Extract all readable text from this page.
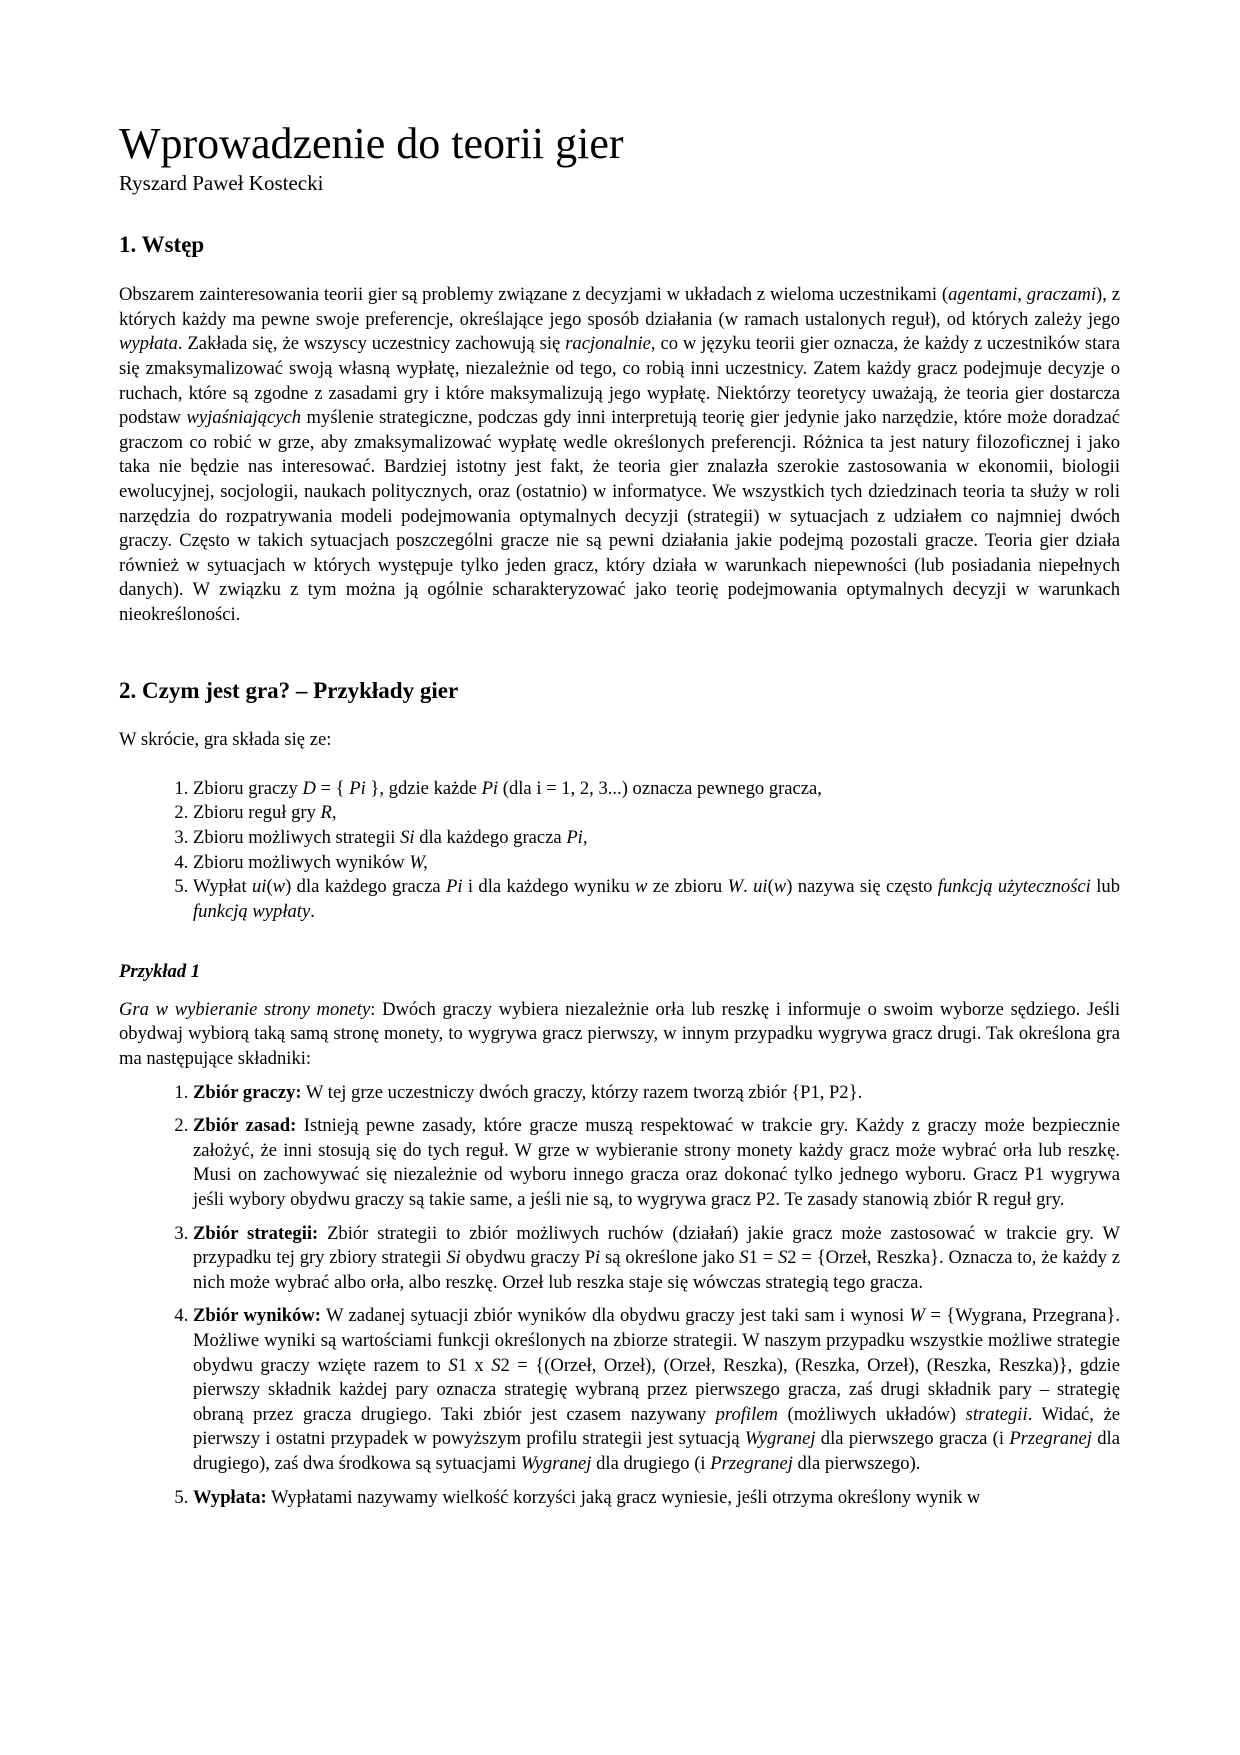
Wprowadzenie do teorii gier
Ryszard Paweł Kostecki
1. Wstęp

Obszarem zainteresowania teorii gier są problemy związane z decyzjami w układach z wieloma uczestnikami (agentami, graczami), z których każdy ma pewne swoje preferencje, określające jego sposób działania (w ramach ustalonych reguł), od których zależy jego wypłata. Zakłada się, że wszyscy uczestnicy zachowują się racjonalnie, co w języku teorii gier oznacza, że każdy z uczestników stara się zmaksymalizować swoją własną wypłatę, niezależnie od tego, co robią inni uczestnicy. Zatem każdy gracz podejmuje decyzje o ruchach, które są zgodne z zasadami gry i które maksymalizują jego wypłatę. Niektórzy teoretycy uważają, że teoria gier dostarcza podstaw wyjaśniających myślenie strategiczne, podczas gdy inni interpretują teorię gier jedynie jako narzędzie, które może doradzać graczom co robić w grze, aby zmaksymalizować wypłatę wedle określonych preferencji. Różnica ta jest natury filozoficznej i jako taka nie będzie nas interesować. Bardziej istotny jest fakt, że teoria gier znalazła szerokie zastosowania w ekonomii, biologii ewolucyjnej, socjologii, naukach politycznych, oraz (ostatnio) w informatyce. We wszystkich tych dziedzinach teoria ta służy w roli narzędzia do rozpatrywania modeli podejmowania optymalnych decyzji (strategii) w sytuacjach z udziałem co najmniej dwóch graczy. Często w takich sytuacjach poszczególni gracze nie są pewni działania jakie podejmą pozostali gracze. Teoria gier działa również w sytuacjach w których występuje tylko jeden gracz, który działa w warunkach niepewności (lub posiadania niepełnych danych). W związku z tym można ją ogólnie scharakteryzować jako teorię podejmowania optymalnych decyzji w warunkach nieokreśloności.

2. Czym jest gra? – Przykłady gier

W skrócie, gra składa się ze:

1. Zbioru graczy D = { Pi }, gdzie każde Pi (dla i = 1, 2, 3...) oznacza pewnego gracza,
2. Zbioru reguł gry R,
3. Zbioru możliwych strategii Si dla każdego gracza Pi,
4. Zbioru możliwych wyników W,
5. Wypłat ui(w) dla każdego gracza Pi i dla każdego wyniku w ze zbioru W. ui(w) nazywa się często funkcją użyteczności lub funkcją wypłaty.

Przykład 1

Gra w wybieranie strony monety: Dwóch graczy wybiera niezależnie orła lub reszkę i informuje o swoim wyborze sędziego. Jeśli obydwaj wybiorą taką samą stronę monety, to wygrywa gracz pierwszy, w innym przypadku wygrywa gracz drugi. Tak określona gra ma następujące składniki:

1. Zbiór graczy: W tej grze uczestniczy dwóch graczy, którzy razem tworzą zbiór {P1, P2}.
2. Zbiór zasad: Istnieją pewne zasady, które gracze muszą respektować w trakcie gry. Każdy z graczy może bezpiecznie założyć, że inni stosują się do tych reguł. W grze w wybieranie strony monety każdy gracz może wybrać orła lub reszkę. Musi on zachowywać się niezależnie od wyboru innego gracza oraz dokonać tylko jednego wyboru. Gracz P1 wygrywa jeśli wybory obydwu graczy są takie same, a jeśli nie są, to wygrywa gracz P2. Te zasady stanowią zbiór R reguł gry.
3. Zbiór strategii: Zbiór strategii to zbiór możliwych ruchów (działań) jakie gracz może zastosować w trakcie gry. W przypadku tej gry zbiory strategii Si obydwu graczy Pi są określone jako S1 = S2 = {Orzeł, Reszka}. Oznacza to, że każdy z nich może wybrać albo orła, albo reszkę. Orzeł lub reszka staje się wówczas strategią tego gracza.
4. Zbiór wyników: W zadanej sytuacji zbiór wyników dla obydwu graczy jest taki sam i wynosi W = {Wygrana, Przegrana}. Możliwe wyniki są wartościami funkcji określonych na zbiorze strategii. W naszym przypadku wszystkie możliwe strategie obydwu graczy wzięte razem to S1 x S2 = {(Orzeł, Orzeł), (Orzeł, Reszka), (Reszka, Orzeł), (Reszka, Reszka)}, gdzie pierwszy składnik każdej pary oznacza strategię wybraną przez pierwszego gracza, zaś drugi składnik pary – strategię obraną przez gracza drugiego. Taki zbiór jest czasem nazywany profilem (możliwych układów) strategii. Widać, że pierwszy i ostatni przypadek w powyższym profilu strategii jest sytuacją Wygranej dla pierwszego gracza (i Przegranej dla drugiego), zaś dwa środkowa są sytuacjami Wygranej dla drugiego (i Przegranej dla pierwszego).
5. Wypłata: Wypłatami nazywamy wielkość korzyści jaką gracz wyniesie, jeśli otrzyma określony wynik w
